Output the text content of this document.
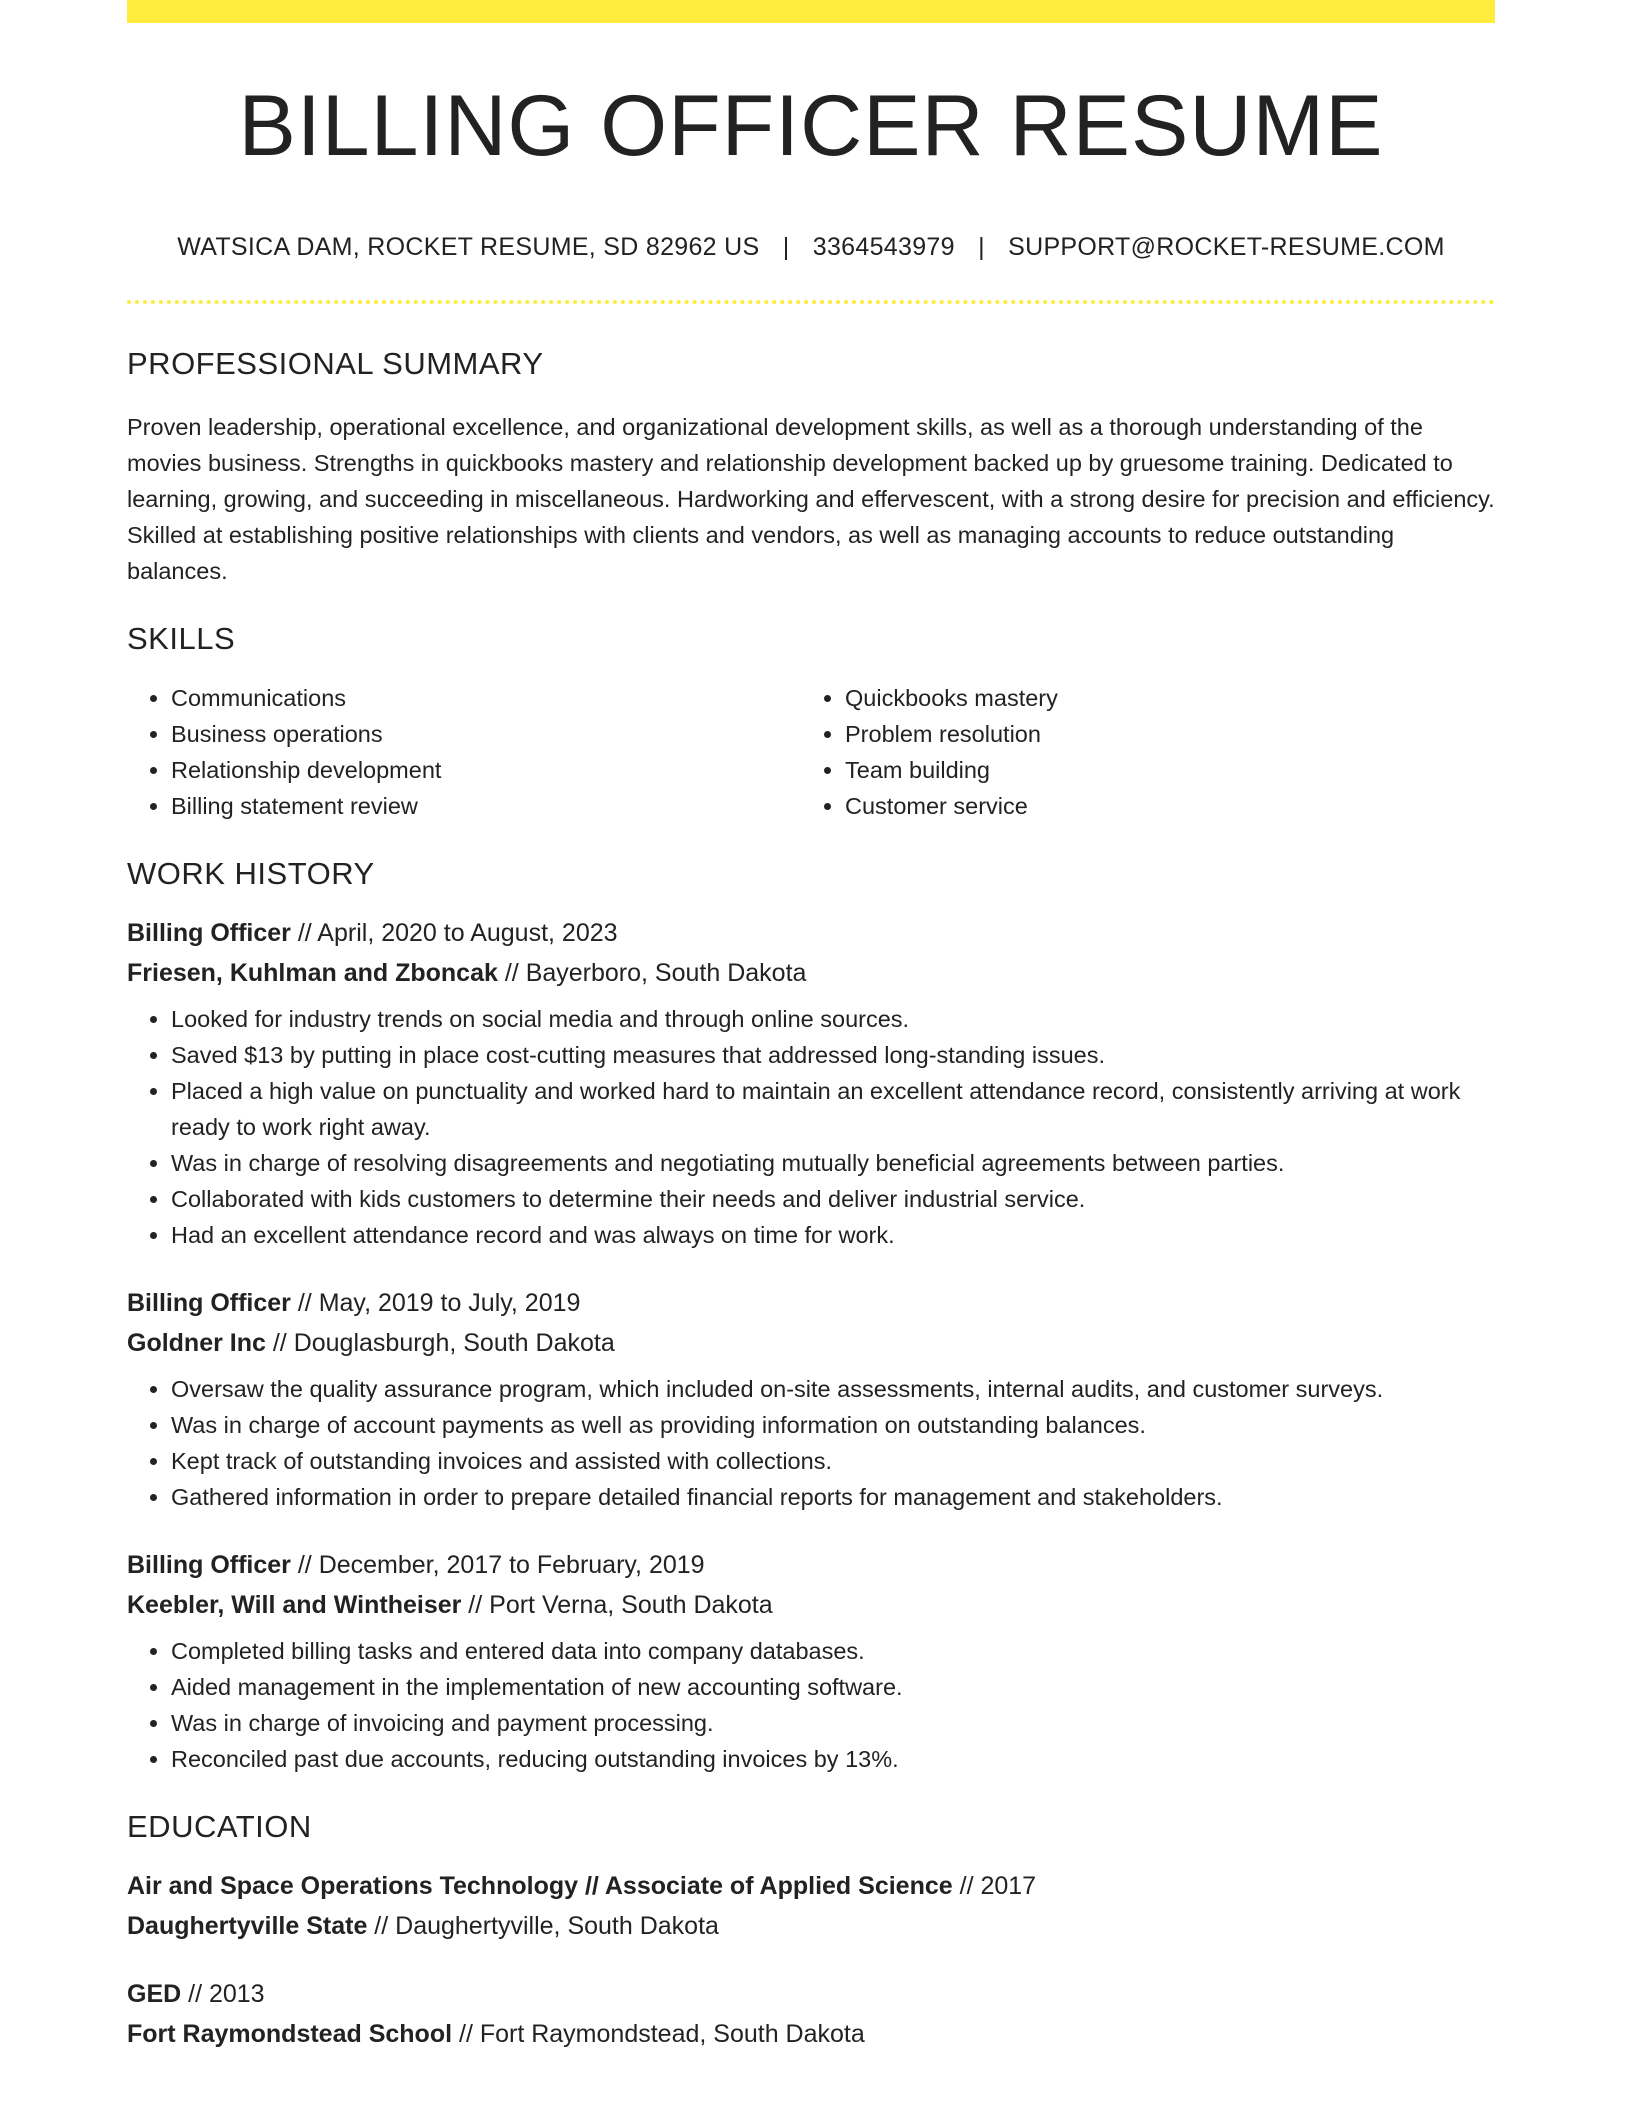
BILLING OFFICER RESUME
WATSICA DAM, ROCKET RESUME, SD 82962 US | 3364543979 | SUPPORT@ROCKET-RESUME.COM
PROFESSIONAL SUMMARY

Proven leadership, operational excellence, and organizational development skills, as well as a thorough understanding of the movies business. Strengths in quickbooks mastery and relationship development backed up by gruesome training. Dedicated to learning, growing, and succeeding in miscellaneous. Hardworking and effervescent, with a strong desire for precision and efficiency. Skilled at establishing positive relationships with clients and vendors, as well as managing accounts to reduce outstanding balances.

SKILLS
• Communications
• Business operations
• Relationship development
• Billing statement review
• Quickbooks mastery
• Problem resolution
• Team building
• Customer service
WORK HISTORY
Billing Officer // April, 2020 to August, 2023
Friesen, Kuhlman and Zboncak // Bayerboro, South Dakota
• Looked for industry trends on social media and through online sources.
• Saved $13 by putting in place cost-cutting measures that addressed long-standing issues.
• Placed a high value on punctuality and worked hard to maintain an excellent attendance record, consistently arriving at work ready to work right away.
• Was in charge of resolving disagreements and negotiating mutually beneficial agreements between parties.
• Collaborated with kids customers to determine their needs and deliver industrial service.
• Had an excellent attendance record and was always on time for work.
Billing Officer // May, 2019 to July, 2019
Goldner Inc // Douglasburgh, South Dakota
• Oversaw the quality assurance program, which included on-site assessments, internal audits, and customer surveys.
• Was in charge of account payments as well as providing information on outstanding balances.
• Kept track of outstanding invoices and assisted with collections.
• Gathered information in order to prepare detailed financial reports for management and stakeholders.
Billing Officer // December, 2017 to February, 2019
Keebler, Will and Wintheiser // Port Verna, South Dakota
• Completed billing tasks and entered data into company databases.
• Aided management in the implementation of new accounting software.
• Was in charge of invoicing and payment processing.
• Reconciled past due accounts, reducing outstanding invoices by 13%.
EDUCATION
Air and Space Operations Technology // Associate of Applied Science // 2017
Daughertyville State // Daughertyville, South Dakota
GED // 2013
Fort Raymondstead School // Fort Raymondstead, South Dakota
